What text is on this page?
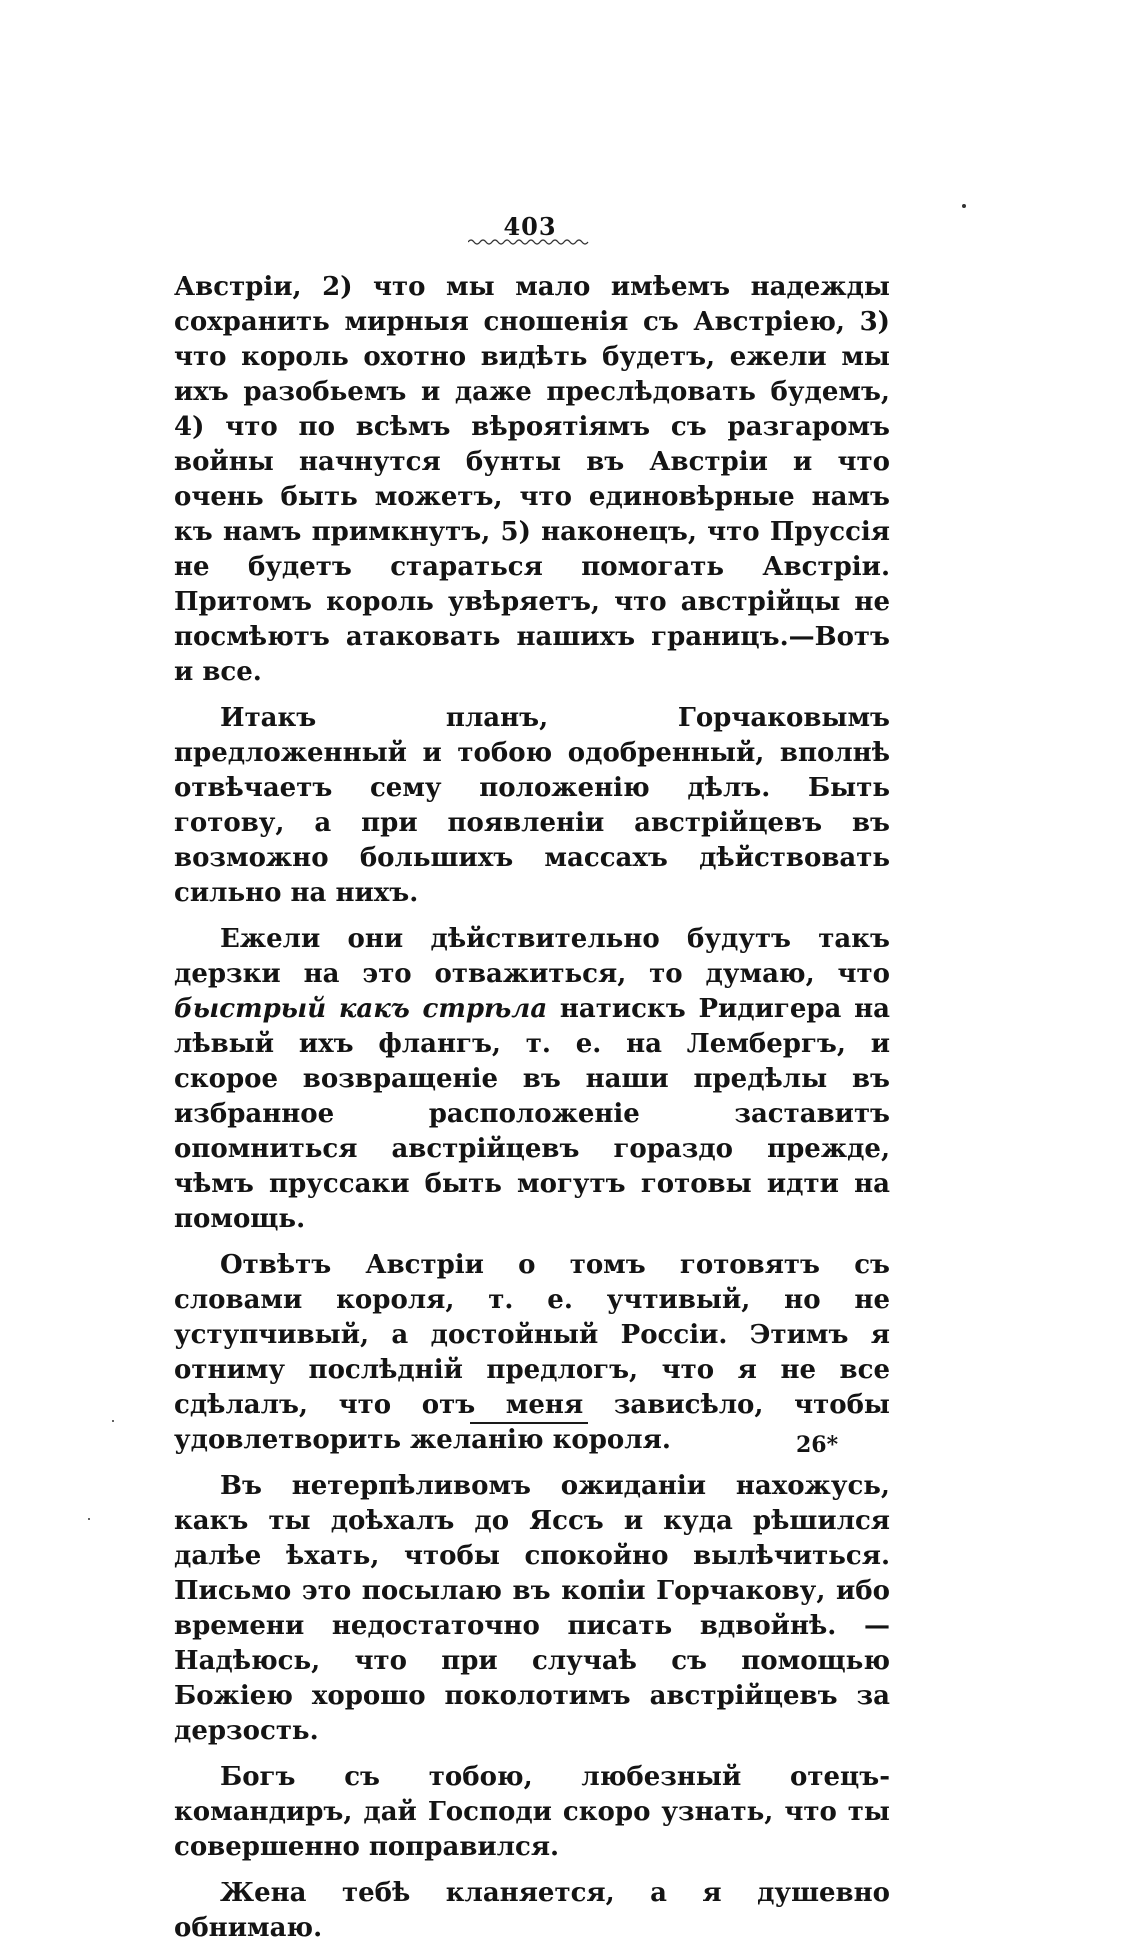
403

Австріи, 2) что мы мало имѣемъ надежды сохранить мирныя сношенія съ Австріею, 3) что король охотно видѣть будетъ, ежели мы ихъ разобьемъ и даже преслѣдовать будемъ, 4) что по всѣмъ вѣроятіямъ съ разгаромъ войны начнутся бунты въ Австріи и что очень быть можетъ, что единовѣрные намъ къ намъ примкнутъ, 5) наконецъ, что Пруссія не будетъ стараться помогать Австріи. Притомъ король увѣряетъ, что австрійцы не посмѣютъ атаковать нашихъ границъ.—Вотъ и все.

Итакъ планъ, Горчаковымъ предложенный и тобою одобренный, вполнѣ отвѣчаетъ сему положенію дѣлъ. Быть готову, а при появленіи австрійцевъ въ возможно большихъ массахъ дѣйствовать сильно на нихъ.

Ежели они дѣйствительно будутъ такъ дерзки на это отважиться, то думаю, что быстрый какъ стрѣла натискъ Ридигера на лѣвый ихъ флангъ, т. е. на Лембергъ, и скорое возвращеніе въ наши предѣлы въ избранное расположеніе заставитъ опомниться австрійцевъ гораздо прежде, чѣмъ пруссаки быть могутъ готовы идти на помощь.

Отвѣтъ Австріи о томъ готовятъ съ словами короля, т. е. учтивый, но не уступчивый, а достойный Россіи. Этимъ я отниму послѣдній предлогъ, что я не все сдѣлалъ, что отъ меня зависѣло, чтобы удовлетворить желанію короля.

Въ нетерпѣливомъ ожиданіи нахожусь, какъ ты доѣхалъ до Яссъ и куда рѣшился далѣе ѣхать, чтобы спокойно вылѣчиться. Письмо это посылаю въ копіи Горчакову, ибо времени недостаточно писать вдвойнѣ. — Надѣюсь, что при случаѣ съ помощью Божіею хорошо поколотимъ австрійцевъ за дерзость.

Богъ съ тобою, любезный отецъ-командиръ, дай Господи скоро узнать, что ты совершенно поправился.

Жена тебѣ кланяется, а я душевно обнимаю.

26*
